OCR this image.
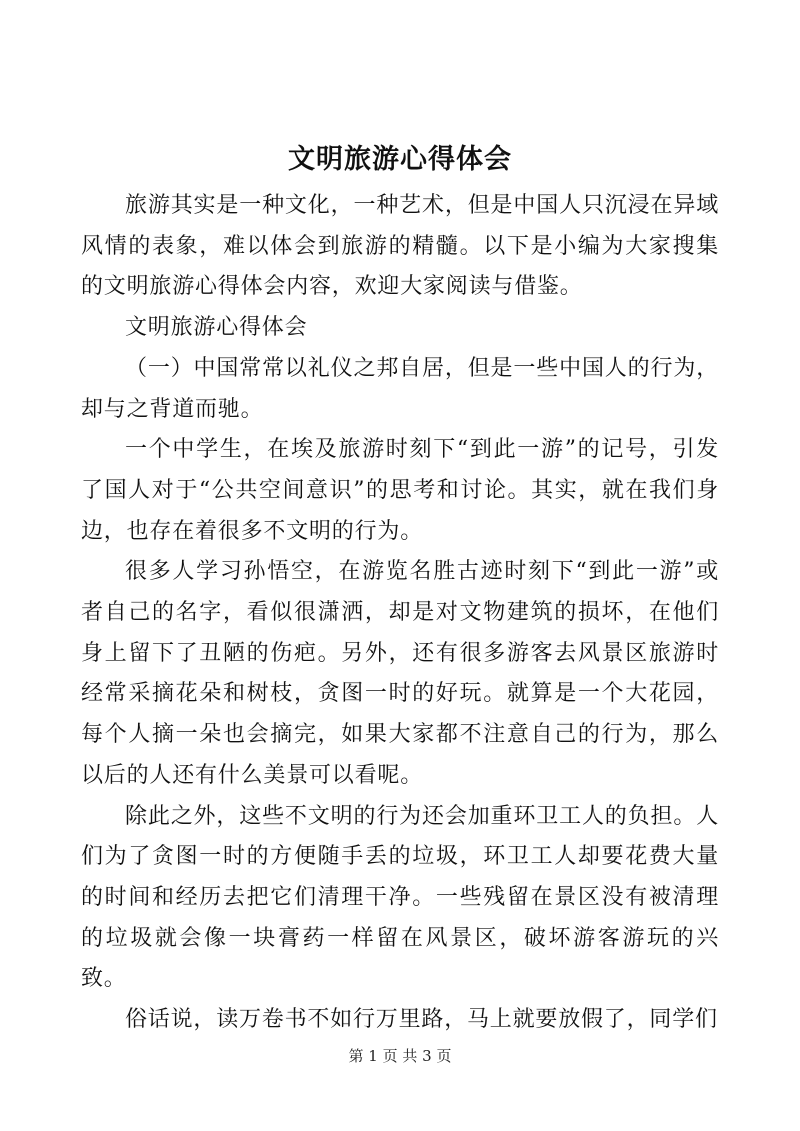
文明旅游心得体会

旅游其实是一种文化，一种艺术，但是中国人只沉浸在异域风情的表象，难以体会到旅游的精髓。以下是小编为大家搜集的文明旅游心得体会内容，欢迎大家阅读与借鉴。

文明旅游心得体会

（一）中国常常以礼仪之邦自居，但是一些中国人的行为，却与之背道而驰。

一个中学生，在埃及旅游时刻下“到此一游”的记号，引发了国人对于“公共空间意识”的思考和讨论。其实，就在我们身边，也存在着很多不文明的行为。

很多人学习孙悟空，在游览名胜古迹时刻下“到此一游”或者自己的名字，看似很潇洒，却是对文物建筑的损坏，在他们身上留下了丑陋的伤疤。另外，还有很多游客去风景区旅游时经常采摘花朵和树枝，贪图一时的好玩。就算是一个大花园，每个人摘一朵也会摘完，如果大家都不注意自己的行为，那么以后的人还有什么美景可以看呢。

除此之外，这些不文明的行为还会加重环卫工人的负担。人们为了贪图一时的方便随手丢的垃圾，环卫工人却要花费大量的时间和经历去把它们清理干净。一些残留在景区没有被清理的垃圾就会像一块膏药一样留在风景区，破坏游客游玩的兴致。

俗话说，读万卷书不如行万里路，马上就要放假了，同学们

第 1 页 共 3 页
